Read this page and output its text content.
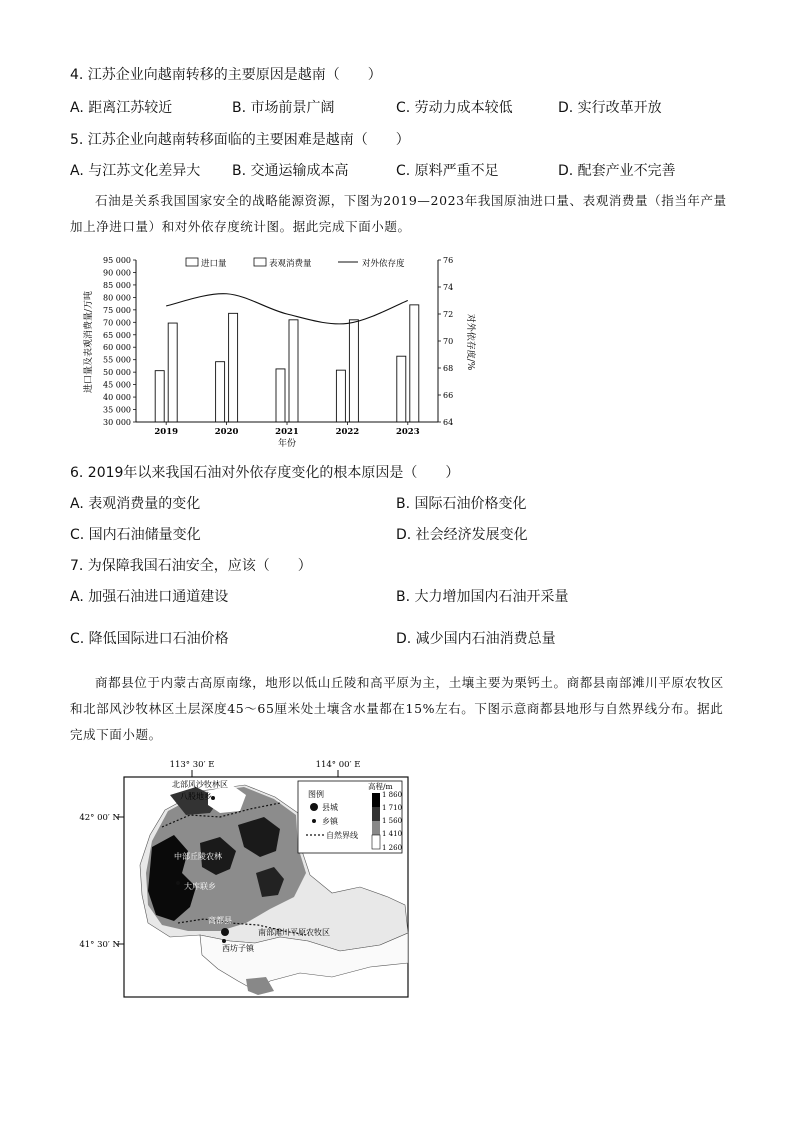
4. 江苏企业向越南转移的主要原因是越南（　　）
A. 距离江苏较近	B. 市场前景广阔	C. 劳动力成本较低	D. 实行改革开放
5. 江苏企业向越南转移面临的主要困难是越南（　　）
A. 与江苏文化差异大 B. 交通运输成本高	C. 原料严重不足	D. 配套产业不完善
石油是关系我国国家安全的战略能源资源，下图为2019—2023年我国原油进口量、表观消费量（指当年产量加上净进口量）和对外依存度统计图。据此完成下面小题。
30 000
35 000
40 000
45 000
50 000
55 000
60 000
65 000
70 000
75 000
80 000
85 000
90 000
95 000
64
66
68
70
72
74
76
2019	2020	2021	2022	2023
进口量	表观消费量	对外依存度
进口量及表观消费量/万吨	对外依存度/%
年份
6. 2019年以来我国石油对外依存度变化的根本原因是（　　）
A. 表观消费量的变化	B. 国际石油价格变化
C. 国内石油储量变化	D. 社会经济发展变化
7. 为保障我国石油安全，应该（　　）
A. 加强石油进口通道建设	B. 大力增加国内石油开采量
C. 降低国际进口石油价格	D. 减少国内石油消费总量
商都县位于内蒙古高原南缘，地形以低山丘陵和高平原为主，土壤主要为栗钙土。商都县南部滩川平原农牧区和北部风沙牧林区土层深度45～65厘米处土壤含水量都在15%左右。下图示意商都县地形与自然界线分布。据此完成下面小题。
113° 30′ E	114° 00′ E
42° 00′ N
41° 30′ N
北部风沙牧林区
八股地乡
中部丘陵农林
大库联乡
商都县
南部滩川平原农牧区
西坊子镇
图例
县城
乡镇
自然界线
高程/m
1 860
1 710
1 560
1 410
1 260
